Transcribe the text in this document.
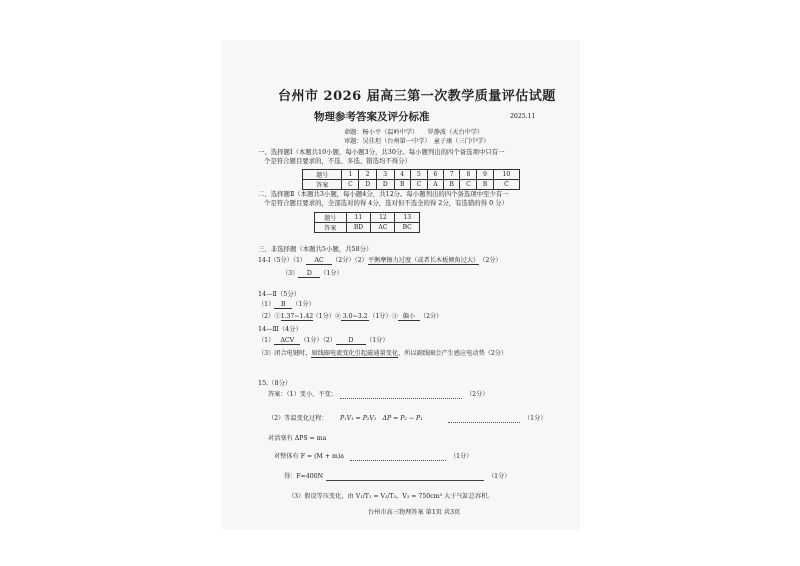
台州市 2026 届高三第一次教学质量评估试题
物理参考答案及评分标准	2025.11
命题：杨小平（温岭中学）　　罗静波（天台中学）
审题：吴佳坦（台州第一中学）　童子康（三门中学）
一、选择题Ⅰ（本题共10小题，每小题3分，共30分。每小题列出的四个备选项中只有一
个是符合题目要求的，不选、多选、错选均不得分）
题号	1	2	3	4	5	6	7	8	9	10
答案	C	D	D	B	C	A	B	C	B	C
二、选择题Ⅱ（本题共3小题，每小题4分，共12分。每小题列出的四个备选项中至少有一
个是符合题目要求的，全部选对的得 4分，选对但不选全的得 2分，有选错的得 0 分）
题号	11	12	13
答案	BD	AC	BC
三、非选择题（本题共5小题，共58分）
14-Ⅰ（5分）（1） AC （2分）（2）平衡摩擦力过度（或者长木板倾角过大）（2分）
（3） D （1分）
14—Ⅱ（5分）
（1） B （1分）
（2）①1.37~1.42（1分）② 3.0~3.2 （1分）③ 偏小 （2分）
14—Ⅲ（4分）
（1） ACV （1分）（2） D （1分）
（3）闭合电键时，原线圈电流变化引起磁通量变化，所以副线圈会产生感应电动势（2分）
15.（8分）
答案：（1）变小，不变；	（2分）
（2）等温变化过程： P₁V₁ = P₂V₂　ΔP = P₂ − P₁	（1分）
对活塞有 ΔPS = ma
对整体有 F = (M + m)a	（1分）
得：F=400N	（1分）
（3）假设等压变化，由 V₁/T₁ = V₃/T₃，V₃ = 750cm³ 大于气缸总容积。
台州市高三物理答案 第1页 共3页
